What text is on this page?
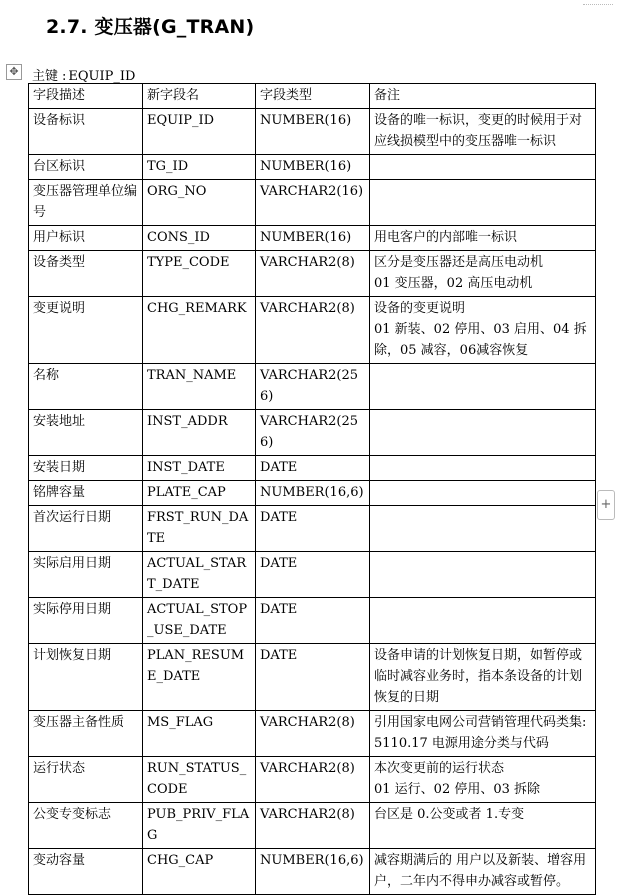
2.7. 变压器(G_TRAN)
✥ 主键 : EQUIP_ID
+
字段描述	新字段名	字段类型	备注
设备标识	EQUIP_ID	NUMBER(16)	设备的唯一标识，变更的时候用于对应线损模型中的变压器唯一标识
台区标识	TG_ID	NUMBER(16)	
变压器管理单位编号	ORG_NO	VARCHAR2(16)	
用户标识	CONS_ID	NUMBER(16)	用电客户的内部唯一标识
设备类型	TYPE_CODE	VARCHAR2(8)	区分是变压器还是高压电动机
01 变压器，02 高压电动机
变更说明	CHG_REMARK	VARCHAR2(8)	设备的变更说明
01 新装、02 停用、03 启用、04 拆除，05 减容，06减容恢复
名称	TRAN_NAME	VARCHAR2(256)	
安装地址	INST_ADDR	VARCHAR2(256)	
安装日期	INST_DATE	DATE	
铭牌容量	PLATE_CAP	NUMBER(16,6)	
首次运行日期	FRST_RUN_DATE	DATE	
实际启用日期	ACTUAL_START_DATE	DATE	
实际停用日期	ACTUAL_STOP_USE_DATE	DATE	
计划恢复日期	PLAN_RESUME_DATE	DATE	设备申请的计划恢复日期，如暂停或临时减容业务时，指本条设备的计划恢复的日期
变压器主备性质	MS_FLAG	VARCHAR2(8)	引用国家电网公司营销管理代码类集:5110.17 电源用途分类与代码
运行状态	RUN_STATUS_CODE	VARCHAR2(8)	本次变更前的运行状态
01 运行、02 停用、03 拆除
公变专变标志	PUB_PRIV_FLAG	VARCHAR2(8)	台区是 0.公变或者 1.专变
变动容量	CHG_CAP	NUMBER(16,6)	减容期满后的 用户以及新装、增容用户，二年内不得申办减容或暂停。
